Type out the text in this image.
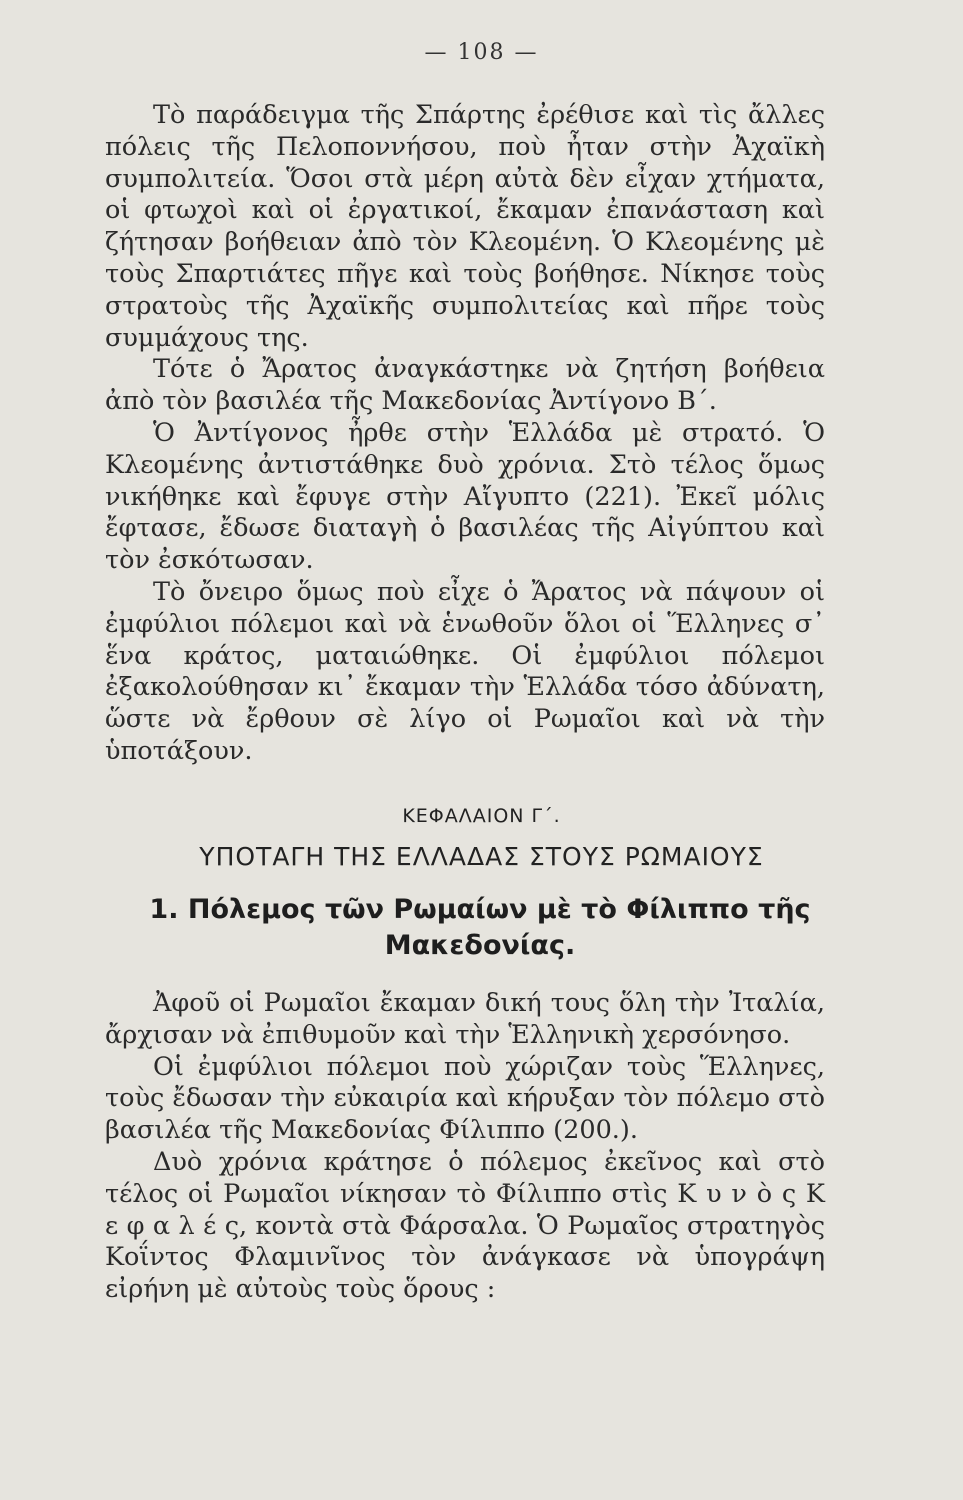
— 108 —

Τὸ παράδειγμα τῆς Σπάρτης ἐρέθισε καὶ τὶς ἄλλες πόλεις τῆς Πελοποννήσου, ποὺ ἦταν στὴν Ἀχαϊκὴ συμπολιτεία. Ὅσοι στὰ μέρη αὐτὰ δὲν εἶχαν χτήματα, οἱ φτωχοὶ καὶ οἱ ἐργατικοί, ἔκαμαν ἐπανάσταση καὶ ζήτησαν βοήθειαν ἀπὸ τὸν Κλεομένη. Ὁ Κλεομένης μὲ τοὺς Σπαρτιάτες πῆγε καὶ τοὺς βοήθησε. Νίκησε τοὺς στρατοὺς τῆς Ἀχαϊκῆς συμπολιτείας καὶ πῆρε τοὺς συμμάχους της.

Τότε ὁ Ἄρατος ἀναγκάστηκε νὰ ζητήση βοήθεια ἀπὸ τὸν βασιλέα τῆς Μακεδονίας Ἀντίγονο Β΄.

Ὁ Ἀντίγονος ἦρθε στὴν Ἑλλάδα μὲ στρατό. Ὁ Κλεομένης ἀντιστάθηκε δυὸ χρόνια. Στὸ τέλος ὅμως νικήθηκε καὶ ἔφυγε στὴν Αἴγυπτο (221). Ἐκεῖ μόλις ἔφτασε, ἔδωσε διαταγὴ ὁ βασιλέας τῆς Αἰγύπτου καὶ τὸν ἐσκότωσαν.

Τὸ ὄνειρο ὅμως ποὺ εἶχε ὁ Ἄρατος νὰ πάψουν οἱ ἐμφύλιοι πόλεμοι καὶ νὰ ἑνωθοῦν ὅλοι οἱ Ἕλληνες σ᾽ ἕνα κράτος, ματαιώθηκε. Οἱ ἐμφύλιοι πόλεμοι ἐξακολούθησαν κι᾽ ἔκαμαν τὴν Ἑλλάδα τόσο ἀδύνατη, ὥστε νὰ ἔρθουν σὲ λίγο οἱ Ρωμαῖοι καὶ νὰ τὴν ὑποτάξουν.

ΚΕΦΑΛΑΙΟΝ Γ΄.
ΥΠΟΤΑΓΗ ΤΗΣ ΕΛΛΑΔΑΣ ΣΤΟΥΣ ΡΩΜΑΙΟΥΣ
1. Πόλεμος τῶν Ρωμαίων μὲ τὸ Φίλιππο τῆς Μακεδονίας.

Ἀφοῦ οἱ Ρωμαῖοι ἔκαμαν δική τους ὅλη τὴν Ἰταλία, ἄρχισαν νὰ ἐπιθυμοῦν καὶ τὴν Ἑλληνικὴ χερσόνησο.

Οἱ ἐμφύλιοι πόλεμοι ποὺ χώριζαν τοὺς Ἕλληνες, τοὺς ἔδωσαν τὴν εὐκαιρία καὶ κήρυξαν τὸν πόλεμο στὸ βασιλέα τῆς Μακεδονίας Φίλιππο (200.).

Δυὸ χρόνια κράτησε ὁ πόλεμος ἐκεῖνος καὶ στὸ τέλος οἱ Ρωμαῖοι νίκησαν τὸ Φίλιππο στὶς Κ υ ν ὸ ς Κ ε φ α λ έ ς, κοντὰ στὰ Φάρσαλα. Ὁ Ρωμαῖος στρατηγὸς Κοΐντος Φλαμινῖνος τὸν ἀνάγκασε νὰ ὑπογράψη εἰρήνη μὲ αὐτοὺς τοὺς ὅρους :
